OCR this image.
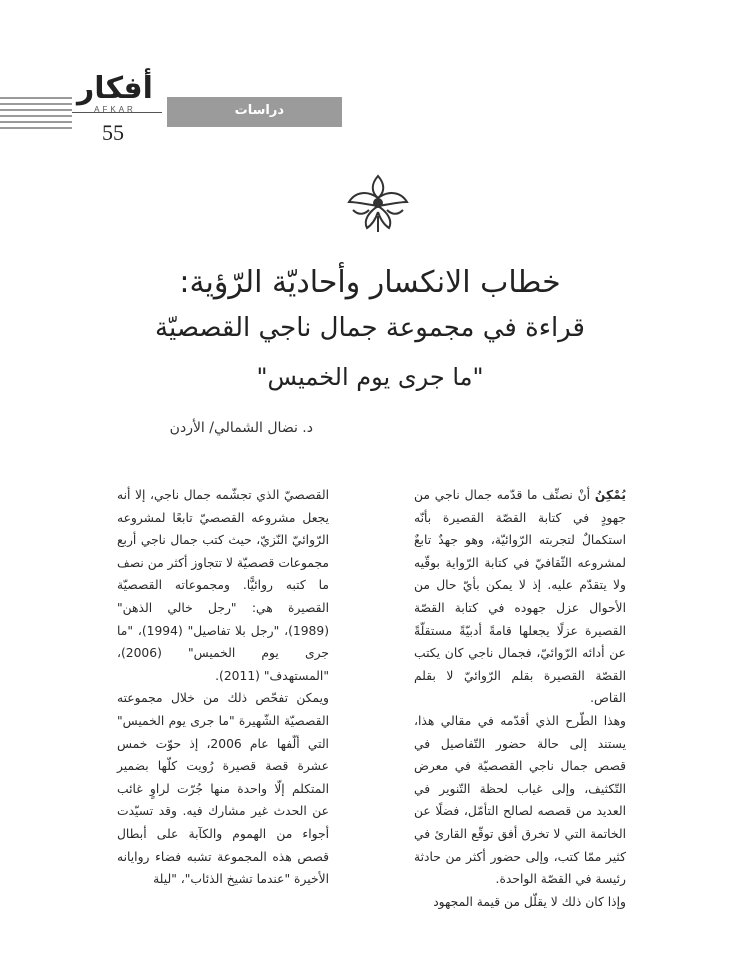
أفكار
AFKAR
55
دراسات
خطاب الانكسار وأحاديّة الرّؤية:
قراءة في مجموعة جمال ناجي القصصيّة
"ما جرى يوم الخميس"
د. نضال الشمالي/ الأردن

يُمْكِنُ أنْ نصنِّف ما قدّمه جمال ناجي من جهودٍ في كتابة القصّة القصيرة بأنّه استكمالٌ لتجربته الرّوائيّة، وهو جهدٌ تابعٌ لمشروعه الثّقافيّ في كتابة الرّواية بوقّيه ولا يتقدّم عليه. إذ لا يمكن بأيّ حال من الأحوال عزل جهوده في كتابة القصّة القصيرة عزلًا يجعلها قامةً أدبيّةً مستقلّةً عن أدائه الرّوائيّ، فجمال ناجي كان يكتب القصّة القصيرة بقلم الرّوائيّ لا بقلم القاص.

وهذا الطّرح الذي أقدّمه في مقالي هذا، يستند إلى حالة حضور التّفاصيل في قصص جمال ناجي القصصيّة في معرض التّكثيف، وإلى غياب لحظة التّنوير في العديد من قصصه لصالح التأمّل، فضلًا عن الخاتمة التي لا تخرق أفق توقّع القارئ في كثير ممّا كتب، وإلى حضور أكثر من حادثة رئيسة في القصّة الواحدة.

وإذا كان ذلك لا يقلّل من قيمة المجهود

القصصيّ الذي تجشّمه جمال ناجي، إلا أنه يجعل مشروعه القصصيّ تابعًا لمشروعه الرّوائيّ النّزيّ، حيث كتب جمال ناجي أربع مجموعات قصصيّة لا تتجاوز أكثر من نصف ما كتبه روائيًّا. ومجموعاته القصصيّة القصيرة هي: "رجل خالي الذهن" (1989)، "رجل بلا تفاصيل" (1994)، "ما جرى يوم الخميس" (2006)، "المستهدف" (2011).

ويمكن تفحّص ذلك من خلال مجموعته القصصيّة الشّهيرة "ما جرى يوم الخميس" التي ألّفها عام 2006، إذ حوّت خمس عشرة قصة قصيرة رُويت كلّها بضمير المتكلم إلّا واحدة منها جُرّت لراوٍ غائب عن الحدث غير مشارك فيه. وقد تسيّدت أجواء من الهموم والكآبة على أبطال قصص هذه المجموعة تشبه فضاء روايانه الأخيرة "عندما تشيخ الذئاب"، "ليلة
